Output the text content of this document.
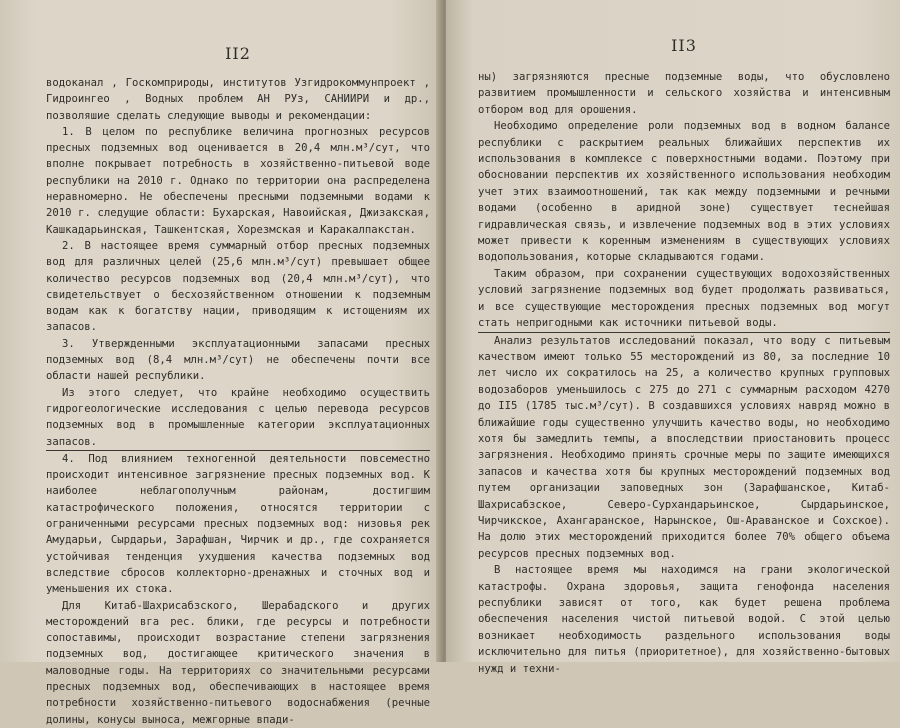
II2

водоканал , Госкомприроды, институтов Узгидрокоммунпроект , Гидроингео , Водных проблем АН РУз, САНИИРИ и др., позволяшие сделать следующие выводы и рекомендации:

1. В целом по республике величина прогнозных ресурсов пресных подземных вод оценивается в 20,4 млн.м³/сут, что вполне покрывает потребность в хозяйственно-питьевой воде республики на 2010 г. Однако по территории она распределена неравномерно. Не обеспечены пресными подземными водами к 2010 г. следущие области: Бухарская, Навоийская, Джизакская, Кашкадарьинская, Ташкентская, Хорезмская и Каракалпакстан.

2. В настоящее время суммарный отбор пресных подземных вод для различных целей (25,6 млн.м³/сут) превышает общее количество ресурсов подземных вод (20,4 млн.м³/сут), что свидетельствует о бесхозяйственном отношении к подземным водам как к богатству нации, приводящим к истощениям их запасов.

3. Утвержденными эксплуатационными запасами пресных подземных вод (8,4 млн.м³/сут) не обеспечены почти все области нашей республики.

Из этого следует, что крайне необходимо осуществить гидрогеологические исследования с целью перевода ресурсов подземных вод в промышленные категории эксплуатационных запасов.

4. Под влиянием техногенной деятельности повсеместно происходит интенсивное загрязнение пресных подземных вод. К наиболее неблагополучным районам, достигшим катастрофического положения, относятся территории с ограниченными ресурсами пресных подземных вод: низовья рек Амударьи, Сырдарьи, Зарафшан, Чирчик и др., где сохраняется устойчивая тенденция ухудшения качества подземных вод вследствие сбросов коллекторно-дренажных и сточных вод и уменьшения их стока.

Для Китаб-Шахрисабзского, Шерабадского и других месторождений вга рес. блики, где ресурсы и потребности сопоставимы, происходит возрастание степени загрязнения подземных вод, достигающее критического значения в маловодные годы. На территориях со значительными ресурсами пресных подземных вод, обеспечивающих в настоящее время потребности хозяйственно-питьевого водоснабжения (речные долины, конусы выноса, межгорные впади-

II3

ны) загрязняются пресные подземные воды, что обусловлено развитием промышленности и сельского хозяйства и интенсивным отбором вод для орошения.

Необходимо определение роли подземных вод в водном балансе республики с раскрытием реальных ближайших перспектив их использования в комплексе с поверхностными водами. Поэтому при обосновании перспектив их хозяйственного использования необходим учет этих взаимоотношений, так как между подземными и речными водами (особенно в аридной зоне) существует теснейшая гидравлическая связь, и извлечение подземных вод в этих условиях может привести к коренным изменениям в существующих условиях водопользования, которые складываются годами.

Таким образом, при сохранении существующих водохозяйственных условий загрязнение подземных вод будет продолжать развиваться, и все существующие месторождения пресных подземных вод могут стать непригодными как источники питьевой воды.

Анализ результатов исследований показал, что воду с питьевым качеством имеют только 55 месторождений из 80, за последние 10 лет число их сократилось на 25, а количество крупных групповых водозаборов уменьшилось с 275 до 271 с суммарным расходом 4270 до II5 (1785 тыс.м³/сут). В создавшихся условиях навряд можно в ближайшие годы существенно улучшить качество воды, но необходимо хотя бы замедлить темпы, а впоследствии приостановить процесс загрязнения. Необходимо принять срочные меры по защите имеющихся запасов и качества хотя бы крупных месторождений подземных вод путем организации заповедных зон (Зарафшанское, Китаб-Шахрисабзское, Северо-Сурхандарьинское, Сырдарьинское, Чирчикское, Ахангаранское, Нарынское, Ош-Араванское и Сохское). На долю этих месторождений приходится более 70% общего объема ресурсов пресных подземных вод.

В настоящее время мы находимся на грани экологической катастрофы. Охрана здоровья, защита генофонда населения республики зависят от того, как будет решена проблема обеспечения населения чистой питьевой водой. С этой целью возникает необходимость раздельного использования воды исключительно для питья (приоритетное), для хозяйственно-бытовых нужд и техни-
